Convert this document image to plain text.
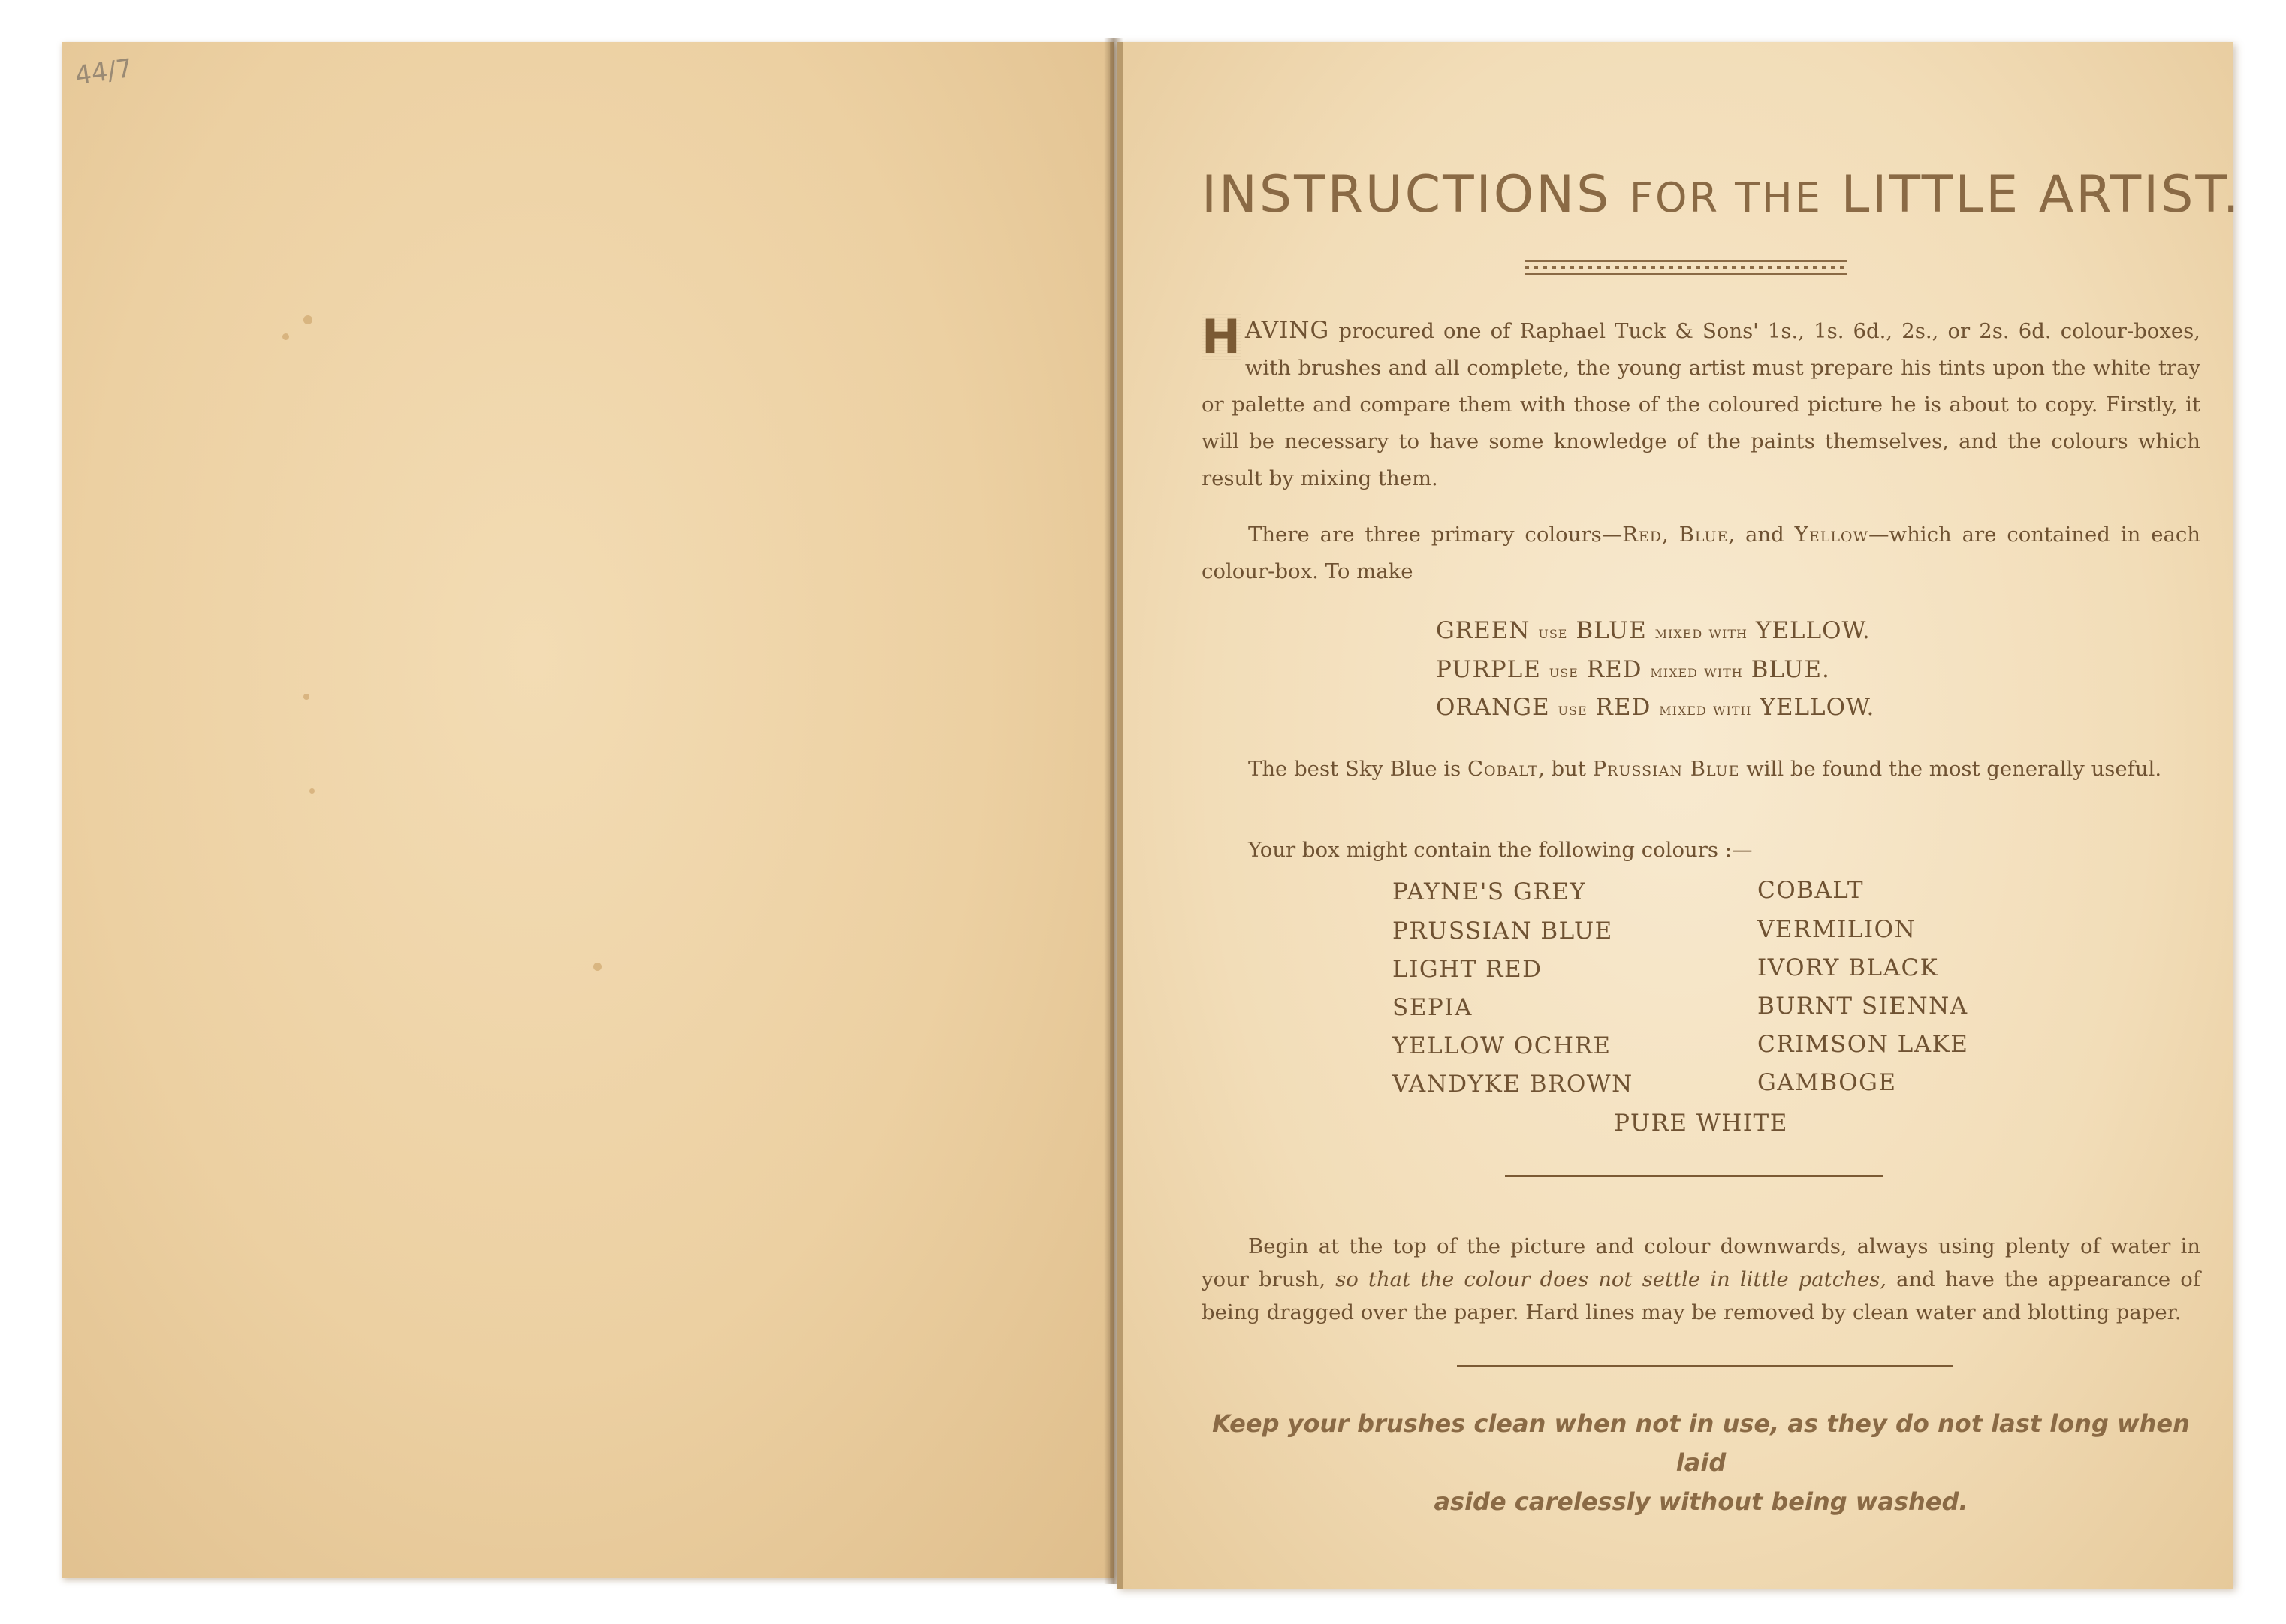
44/7
INSTRUCTIONS FOR THE LITTLE ARTIST.
H AVING procured one of Raphael Tuck & Sons' 1s., 1s. 6d., 2s., or 2s. 6d. colour-boxes, with brushes and all complete, the young artist must prepare his tints upon the white tray or palette and compare them with those of the coloured picture he is about to copy. Firstly, it will be necessary to have some knowledge of the paints themselves, and the colours which result by mixing them.
There are three primary colours—Red, Blue, and Yellow—which are contained in each colour-box. To make
GREEN use BLUE mixed with YELLOW.
PURPLE use RED mixed with BLUE.
ORANGE use RED mixed with YELLOW.
The best Sky Blue is Cobalt, but Prussian Blue will be found the most generally useful.
Your box might contain the following colours :—
PAYNE'S GREY
PRUSSIAN BLUE
LIGHT RED
SEPIA
YELLOW OCHRE
VANDYKE BROWN
COBALT
VERMILION
IVORY BLACK
BURNT SIENNA
CRIMSON LAKE
GAMBOGE
PURE WHITE
Begin at the top of the picture and colour downwards, always using plenty of water in your brush, so that the colour does not settle in little patches, and have the appearance of being dragged over the paper. Hard lines may be removed by clean water and blotting paper.
Keep your brushes clean when not in use, as they do not last long when laid
aside carelessly without being washed.
